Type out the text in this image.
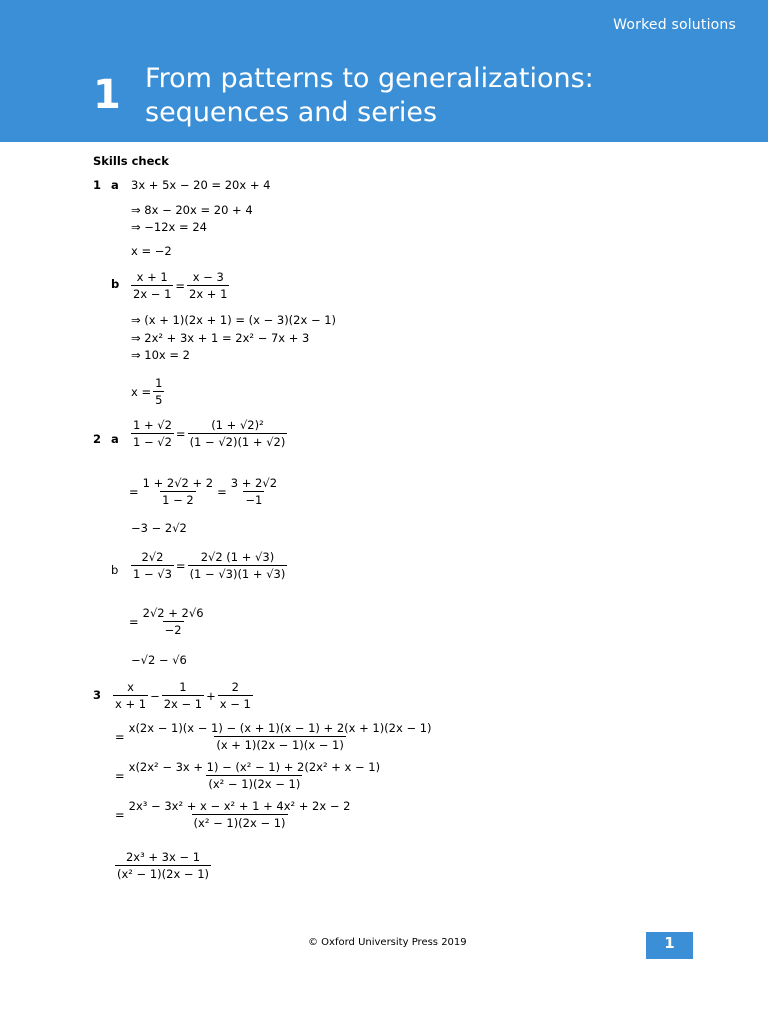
Worked solutions
1 From patterns to generalizations:
sequences and series
Skills check
1 a 3x + 5x − 20 = 20x + 4
⇒ 8x − 20x = 20 + 4
⇒ −12x = 24
x = −2
b $\frac{x + 1}{2x - 1} = \frac{x - 3}{2x + 1}$
⇒ (x + 1)(2x + 1) = (x − 3)(2x − 1)
⇒ 2x² + 3x + 1 = 2x² − 7x + 3
⇒ 10x = 2
$x = \frac{1}{5}$
2 a $\frac{1 + √2}{1 - √2} = \frac{\text{(1 + √2)²}}{(1 - √2)(1 + √2)}$
= $\frac{1 + 2√2 + 2}{1 - 2} = \frac{3 + 2√2}{-1}$
−3 − 2√2
b $\frac{2√2}{1 - √3} = \frac{2√2 (1 + √3)}{(1 - √3)(1 + √3)}$
= $\frac{2√2 + 2√6}{-2}$
−√2 − √6
$3 \frac{x}{x + 1} - \frac{1}{2x - 1} + \frac{2}{x - 1}$
= $\frac{x(2x - 1)(x - 1) - (x + 1)(x - 1) + 2(x + 1)(2x - 1)}{(x + 1)(2x - 1)(x - 1)}$
= $\frac{\text{x(2x² − 3x + 1) − (x² − 1) + 2(2x² + x − 1)}}{\text{(x² − 1)(2x − 1)}}$
= $\frac{\text{2x³ − 3x² + x − x² + 1 + 4x² + 2x − 2}}{\text{(x² − 1)(2x − 1)}}$
$\frac{\text{2x³ + 3x − 1}}{\text{(x² − 1)(2x − 1)}}$
© Oxford University Press 2019	1
